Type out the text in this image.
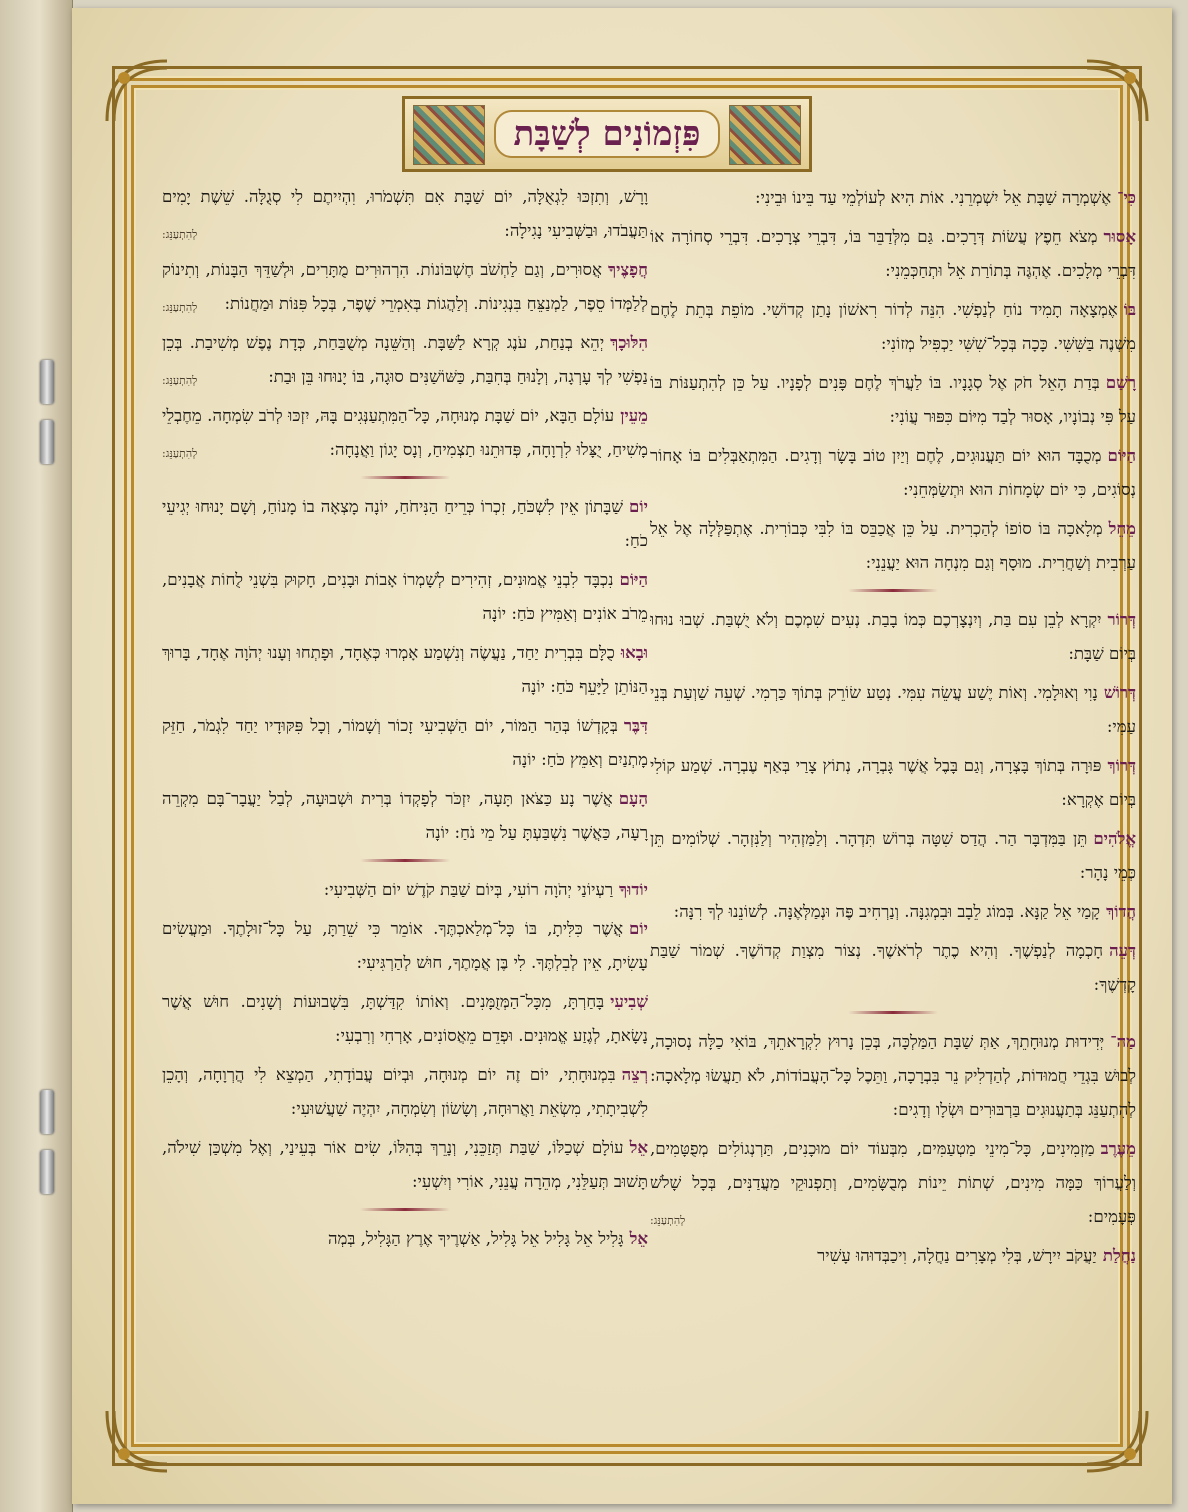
פִּזְמוֹנִים לְשַׁבָּת
כִּי־אֶשְׁמְרָה שַׁבָּת אֵל יִשְׁמְרֵנִי. אוֹת הִיא לְעוֹלְמֵי עַד בֵּינוֹ וּבֵינִי:
אָסוּרמְצֹא חֵפֶץ עֲשׂוֹת דְּרָכִים. גַּם מִלְּדַבֵּר בּוֹ, דִּבְרֵי צְרָכִים. דִּבְרֵי סְחוֹרָה אוֹ דִּבְרֵי מְלָכִים. אֶהְגֶּה בְּתוֹרַת אֵל וּתְחַכְּמֵנִי:
בּוֹאֶמְצָאָה תָמִיד נוֹחַ לְנַפְשִׁי. הִנֵּה לְדוֹר רִאשׁוֹן נָתַן קְדוֹשִׁי. מוֹפֵת בְּתֵת לֶחֶם מִשְׁנֶה בַּשִּׁשִּׁי. כָּכָה בְּכָל־שִׁשִּׁי יַכְפִּיל מְזוֹנִי:
רָשַׁםבְּדַת הָאֵל חֹק אֶל סְגָנָיו. בּוֹ לַעֲרֹךְ לֶחֶם פָּנִים לְפָנָיו. עַל כֵּן לְהִתְעַנּוֹת בּוֹ עַל פִּי נְבוֹנָיו, אָסוּר לְבַד מִיּוֹם כִּפּוּר עֲוֹנִי:
הַיּוֹםמְכֻבָּד הוּא יוֹם תַּעֲנוּגִים, לֶחֶם וְיַיִן טוֹב בָּשָׂר וְדָגִים. הַמִּתְאַבְּלִים בּוֹ אָחוֹר נְסוֹגִים, כִּי יוֹם שְׂמָחוֹת הוּא וּתְשַׂמְּחֵנִי:
מֵחֵלמְלָאכָה בּוֹ סוֹפוֹ לְהַכְרִית. עַל כֵּן אֲכַבֵּס בּוֹ לִבִּי כְּבוֹרִית. אֶתְפַּלְּלָה אֶל אֵל עַרְבִית וְשַׁחֲרִית. מוּסָף וְגַם מִנְחָה הוּא יַעֲנֵנִי:
דְּרוֹריִקְרָא לְבֵן עִם בַּת, וְיִנְצָרְכֶם כְּמוֹ בָבַת. נְעִים שִׁמְכֶם וְלֹא יֻשְׁבַּת. שְׁבוּ נוּחוּ בְּיוֹם שַׁבָּת:
דְּרוֹשׁנָוִי וְאוּלָמִי. וְאוֹת יֶשַׁע עֲשֵׂה עִמִּי. נְטַע שׂוֹרֵק בְּתוֹךְ כַּרְמִי. שְׁעֵה שַׁוְעַת בְּנֵי עַמִּי:
דְּרוֹךְפּוּרָה בְּתוֹךְ בָּצְרָה, וְגַם בָּבֶל אֲשֶׁר גָּבְרָה, נְתוֹץ צָרַי בְּאַף עֶבְרָה. שְׁמַע קוֹלִי בְּיוֹם אֶקְרָא:
אֱלֹהִיםתֵּן בַּמִּדְבָּר הַר. הֲדַס שִׁטָּה בְּרוֹשׁ תִּדְהָר. וְלַמַּזְהִיר וְלַנִּזְהָר. שְׁלוֹמִים תֵּן כְּמֵי נָהָר:
הֲדוֹךְקָמַי אֵל קַנָּא. בְּמוֹג לֵבָב וּבִמְגִנָּה. וְנַרְחִיב פֶּה וּנְמַלְּאֶנָּה. לְשׁוֹנֵנוּ לְךָ רִנָּה:
דְּעֵהחָכְמָה לְנַפְשֶׁךָ. וְהִיא כֶתֶר לְרֹאשֶׁךָ. נְצוֹר מִצְוַת קְדוֹשֶׁךָ. שְׁמוֹר שַׁבַּת קָדְשֶׁךָ:
מַה־יְּדִידוּת מְנוּחָתֵךְ, אַתְּ שַׁבָּת הַמַּלְכָּה, בְּכֵן נָרוּץ לִקְרָאתֵךְ, בּוֹאִי כַלָּה נְסוּכָה, לְבוּשׁ בִּגְדֵי חֲמוּדוֹת, לְהַדְלִיק נֵר בִּבְרָכָה, וַתֵּכֶל כָּל־הָעֲבוֹדוֹת, לֹא תַעֲשׂוּ מְלָאכָה: לְהִתְעַנֵּג בְּתַעֲנוּגִים בַּרְבּוּרִים וּשְׂלָו וְדָגִים:
מֵעֶרֶבמַזְמִינִים, כָּל־מִינֵי מַטְעַמִּים, מִבְּעוֹד יוֹם מוּכָנִים, תַּרְנְגוֹלִים מְפֻטָּמִים, וְלַעֲרוֹךְ כַּמָּה מִינִים, שְׁתוֹת יֵינוֹת מְבֻשָּׂמִים, וְתַפְנוּקֵי מַעֲדַנִּים, בְּכָל שָׁלֹשׁ פְּעָמִים:
לְהִתְעַנֵּג:
נַחֲלַתיַעֲקֹב יִירָשׁ, בְּלִי מְצָרִים נַחֲלָה, וִיכַבְּדוּהוּ עָשִׁיר
וָרָשׁ, וְתִזְכּוּ לִגְאֻלָּה, יוֹם שַׁבָּת אִם תִּשְׁמֹרוּ, וִהְיִיתֶם לִי סְגֻלָּה. שֵׁשֶׁת יָמִים תַּעֲבֹדוּ, וּבַשְּׁבִיעִי נָגִילָה:
לְהִתְעַנֵּג:
חֲפָצֶיךָאֲסוּרִים, וְגַם לַחְשֹׁב חֶשְׁבּוֹנוֹת. הִרְהוּרִים מֻתָּרִים, וּלְשַׁדֵּךְ הַבָּנוֹת, וְתִינוֹק לְלַמְּדוֹ סֵפֶר, לַמְנַצֵּחַ בִּנְגִינוֹת. וְלַהֲגוֹת בְּאִמְרֵי שֶׁפֶר, בְּכָל פִּנּוֹת וּמַחֲנוֹת:
לְהִתְעַנֵּג:
הִלּוּכָךְיְהֵא בְנַחַת, עֹנֶג קְרָא לַשַּׁבָּת. וְהַשֵּׁנָה מְשֻׁבַּחַת, כְּדָת נֶפֶשׁ מְשִׁיבַת. בְּכֵן נַפְשִׁי לְךָ עָרְגָה, וְלָנוּחַ בְּחִבַּת, כַּשּׁוֹשַׁנִּים סוּגָה, בּוֹ יָנוּחוּ בֵּן וּבַת:
לְהִתְעַנֵּג:
מֵעֵיןעוֹלָם הַבָּא, יוֹם שַׁבָּת מְנוּחָה, כָּל־הַמִּתְעַנְּגִים בָּהּ, יִזְכּוּ לְרֹב שִׂמְחָה. מֵחֶבְלֵי מָשִׁיחַ, יֻצָּלוּ לִרְוָחָה, פְּדוּתֵנוּ תַצְמִיחַ, וְנָס יָגוֹן וַאֲנָחָה:
לְהִתְעַנֵּג:
יוֹםשַׁבָּתוֹן אֵין לִשְׁכֹּחַ, זִכְרוֹ כְּרֵיחַ הַנִּיחֹחַ, יוֹנָה מָצְאָה בוֹ מָנוֹחַ, וְשָׁם יָנוּחוּ יְגִיעֵי כֹחַ:
הַיּוֹםנִכְבָּד לִבְנֵי אֱמוּנִים, זְהִירִים לְשָׁמְרוֹ אָבוֹת וּבָנִים, חָקוּק בִּשְׁנֵי לֻחוֹת אֲבָנִים, מֵרֹב אוֹנִים וְאַמִּיץ כֹּחַ: יוֹנָה
וּבָאוּכֻלָּם בִּבְרִית יַחַד, נַעֲשֶׂה וְנִשְׁמַע אָמְרוּ כְּאֶחָד, וּפָתְחוּ וְעָנוּ יְהֹוָה אֶחָד, בָּרוּךְ הַנּוֹתֵן לַיָּעֵף כֹּחַ: יוֹנָה
דִּבֶּרבְּקָדְשׁוֹ בְּהַר הַמּוֹר, יוֹם הַשְּׁבִיעִי זָכוֹר וְשָׁמוֹר, וְכָל פִּקּוּדָיו יַחַד לִגְמֹר, חַזֵּק מָתְנַיִם וְאַמֵּץ כֹּחַ: יוֹנָה
הָעָםאֲשֶׁר נָע כַּצֹּאן תָּעָה, יִזְכֹּר לְפָקְדוֹ בְּרִית וּשְׁבוּעָה, לְבַל יַעֲבָר־בָּם מִקְרֵה רָעָה, כַּאֲשֶׁר נִשְׁבַּעְתָּ עַל מֵי נֹחַ: יוֹנָה
יוֹדוּךָרַעְיוֹנַי יְהֹוָה רוֹעִי, בְּיוֹם שַׁבַּת קֹדֶשׁ יוֹם הַשְּׁבִיעִי:
יוֹםאֲשֶׁר כִּלִּיתָ, בּוֹ כָּל־מְלַאכְתֶּךָ. אוֹמֵר כִּי שֵׁרַתָּ, עַל כָּל־זוּלָתֶךָ. וּמַעֲשִׂים עָשִׂיתָ, אֵין לְבִלְתֶּךָ. לִי בֶּן אֲמָתֶךָ, חוּשׁ לְהַרְגִּיעִי:
שְׁבִיעִיבָּחַרְתָּ, מִכָּל־הַמְּזֻמָּנִים. וְאוֹתוֹ קִדַּשְׁתָּ, בִּשְׁבוּעוֹת וְשָׁנִים. חוּשׁ אֲשֶׁר נָשָׂאתָ, לְגֶזַע אֱמוּנִים. וּפְדֵם מֵאֲסוֹנִים, אָרְחִי וְרִבְעִי:
רְצֵהבִּמְנוּחָתִי, יוֹם זֶה יוֹם מְנוּחָה, וּבְיוֹם עֲבוֹדָתִי, הַמְצֵא לִי הֲרְוָחָה, וְהָכֵן לִשְׁבִיתָתִי, מִשְׂאֵת וַאֲרוּחָה, וְשָׂשׂוֹן וְשִׂמְחָה, יִהְיֶה שַׁעֲשׁוּעִי:
אֵלעוֹלָם שְׁכַלּוֹ, שַׁבַּת תְּזַכֵּנִי, וְנָרֵךְ בְּהִלּוֹ, שִׂים אוֹר בְּעֵינַי, וְאֶל מִשְׁכַּן שִׁילֹה, תָּשׁוּב תְּעַלֵּנִי, מְהֵרָה עֲנֵנִי, אוֹרִי וְיִשְׁעִי:
אֵלגָּלִיל אֵל גָּלִיל אֵל גָּלִיל, אַשְׁרֶיךָ אֶרֶץ הַגָּלִיל, בְּמְה
